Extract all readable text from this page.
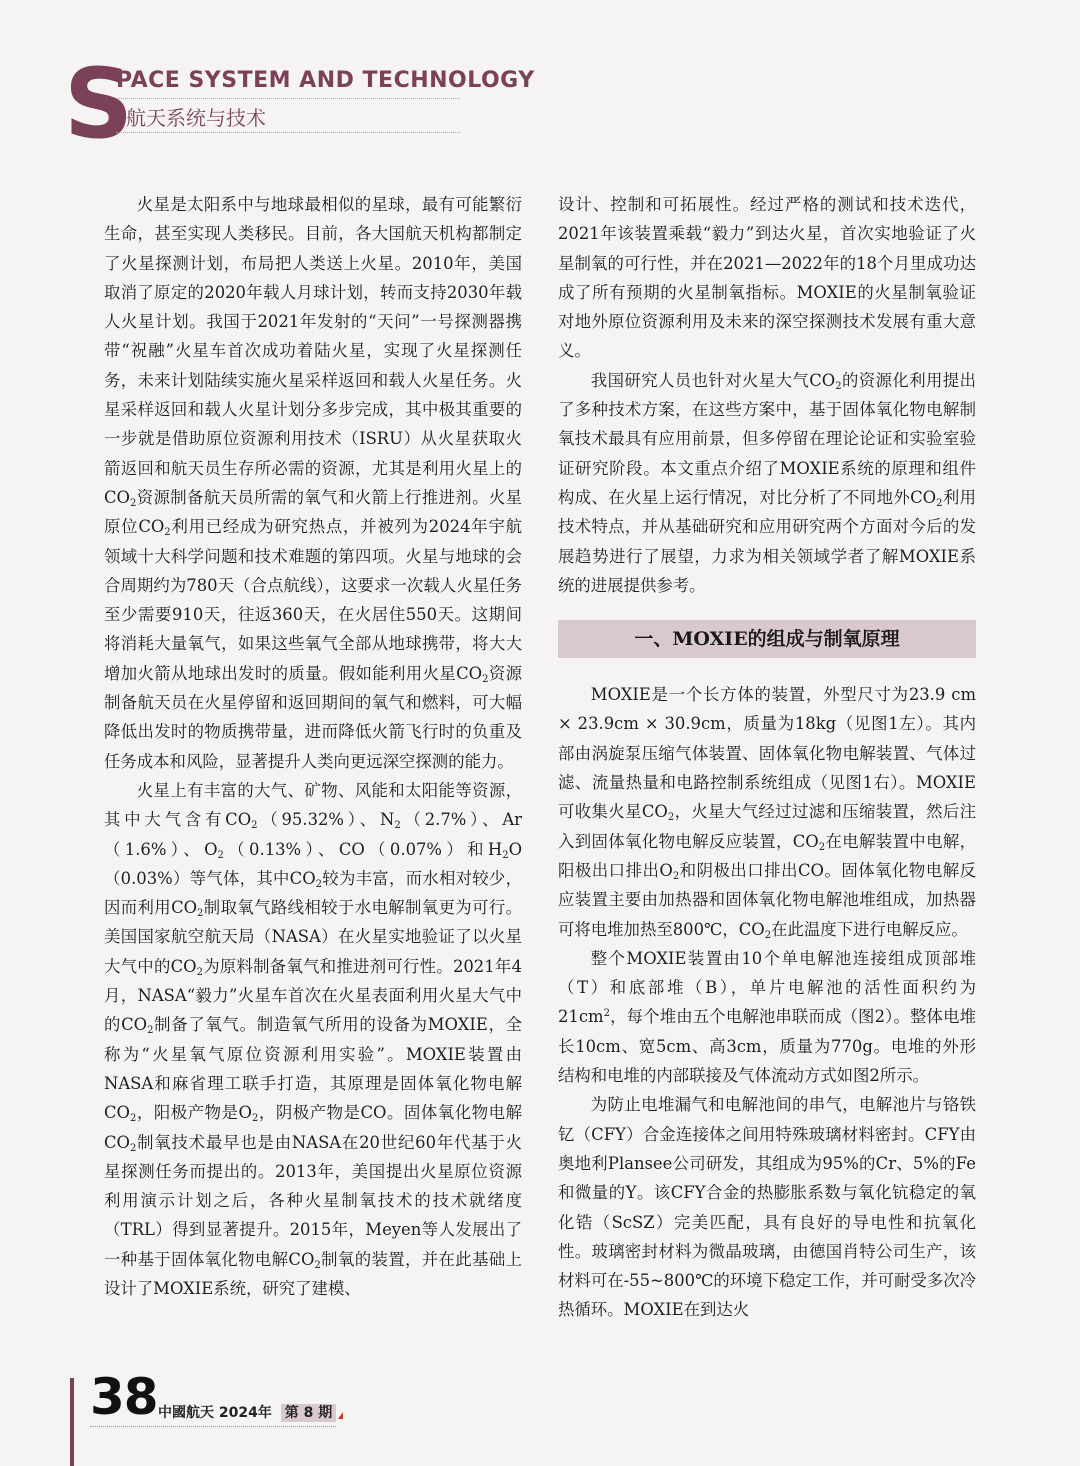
S
PACE SYSTEM AND TECHNOLOGY
航天系统与技术

火星是太阳系中与地球最相似的星球，最有可能繁衍生命，甚至实现人类移民。目前，各大国航天机构都制定了火星探测计划，布局把人类送上火星。2010年，美国取消了原定的2020年载人月球计划，转而支持2030年载人火星计划。我国于2021年发射的“天问”一号探测器携带“祝融”火星车首次成功着陆火星，实现了火星探测任务，未来计划陆续实施火星采样返回和载人火星任务。火星采样返回和载人火星计划分多步完成，其中极其重要的一步就是借助原位资源利用技术（ISRU）从火星获取火箭返回和航天员生存所必需的资源，尤其是利用火星上的$CO_2$资源制备航天员所需的氧气和火箭上行推进剂。火星原位$CO_2$利用已经成为研究热点，并被列为2024年宇航领域十大科学问题和技术难题的第四项。火星与地球的会合周期约为780天（合点航线），这要求一次载人火星任务至少需要910天，往返360天，在火居住550天。这期间将消耗大量氧气，如果这些氧气全部从地球携带，将大大增加火箭从地球出发时的质量。假如能利用火星$CO_2$资源制备航天员在火星停留和返回期间的氧气和燃料，可大幅降低出发时的物质携带量，进而降低火箭飞行时的负重及任务成本和风险，显著提升人类向更远深空探测的能力。

火星上有丰富的大气、矿物、风能和太阳能等资源，其中大气含有$CO_2(95.32\%)$、$N_2(2.7\%)$、Ar（1.6%）、$O_2(0.13\%)$、CO（0.07%）和$H_2O(0.03\%)$等气体，其中$CO_2$较为丰富，而水相对较少，因而利用$CO_2$制取氧气路线相较于水电解制氧更为可行。美国国家航空航天局（NASA）在火星实地验证了以火星大气中的$CO_2$为原料制备氧气和推进剂可行性。2021年4月，NASA“毅力”火星车首次在火星表面利用火星大气中的$CO_2$制备了氧气。制造氧气所用的设备为MOXIE，全称为“火星氧气原位资源利用实验”。MOXIE装置由NASA和麻省理工联手打造，其原理是固体氧化物电解$CO_2$，阳极产物是$O_2$，阴极产物是CO。固体氧化物电解$CO_2$制氧技术最早也是由NASA在20世纪60年代基于火星探测任务而提出的。2013年，美国提出火星原位资源利用演示计划之后，各种火星制氧技术的技术就绪度（TRL）得到显著提升。2015年，Meyen等人发展出了一种基于固体氧化物电解$CO_2$制氧的装置，并在此基础上设计了MOXIE系统，研究了建模、

设计、控制和可拓展性。经过严格的测试和技术迭代，2021年该装置乘载“毅力”到达火星，首次实地验证了火星制氧的可行性，并在2021—2022年的18个月里成功达成了所有预期的火星制氧指标。MOXIE的火星制氧验证对地外原位资源利用及未来的深空探测技术发展有重大意义。

我国研究人员也针对火星大气$CO_2$的资源化利用提出了多种技术方案，在这些方案中，基于固体氧化物电解制氧技术最具有应用前景，但多停留在理论论证和实验室验证研究阶段。本文重点介绍了MOXIE系统的原理和组件构成、在火星上运行情况，对比分析了不同地外$CO_2$利用技术特点，并从基础研究和应用研究两个方面对今后的发展趋势进行了展望，力求为相关领域学者了解MOXIE系统的进展提供参考。

一、MOXIE的组成与制氧原理

MOXIE是一个长方体的装置，外型尺寸为23.9 cm × 23.9cm × 30.9cm，质量为18kg（见图1左）。其内部由涡旋泵压缩气体装置、固体氧化物电解装置、气体过滤、流量热量和电路控制系统组成（见图1右）。MOXIE可收集火星$CO_2$，火星大气经过过滤和压缩装置，然后注入到固体氧化物电解反应装置，$CO_2$在电解装置中电解，阳极出口排出$O_2$和阴极出口排出CO。固体氧化物电解反应装置主要由加热器和固体氧化物电解池堆组成，加热器可将电堆加热至800℃，$CO_2$在此温度下进行电解反应。

整个MOXIE装置由10个单电解池连接组成顶部堆（T）和底部堆（B），单片电解池的活性面积约为$21cm^2$，每个堆由五个电解池串联而成（图2）。整体电堆长10cm、宽5cm、高3cm，质量为770g。电堆的外形结构和电堆的内部联接及气体流动方式如图2所示。

为防止电堆漏气和电解池间的串气，电解池片与铬铁钇（CFY）合金连接体之间用特殊玻璃材料密封。CFY由奥地利Plansee公司研发，其组成为95%的Cr、5%的Fe和微量的Y。该CFY合金的热膨胀系数与氧化钪稳定的氧化锆（ScSZ）完美匹配，具有良好的导电性和抗氧化性。玻璃密封材料为微晶玻璃，由德国肖特公司生产，该材料可在-55~800℃的环境下稳定工作，并可耐受多次冷热循环。MOXIE在到达火

38 中國航天 2024年 第 8 期
